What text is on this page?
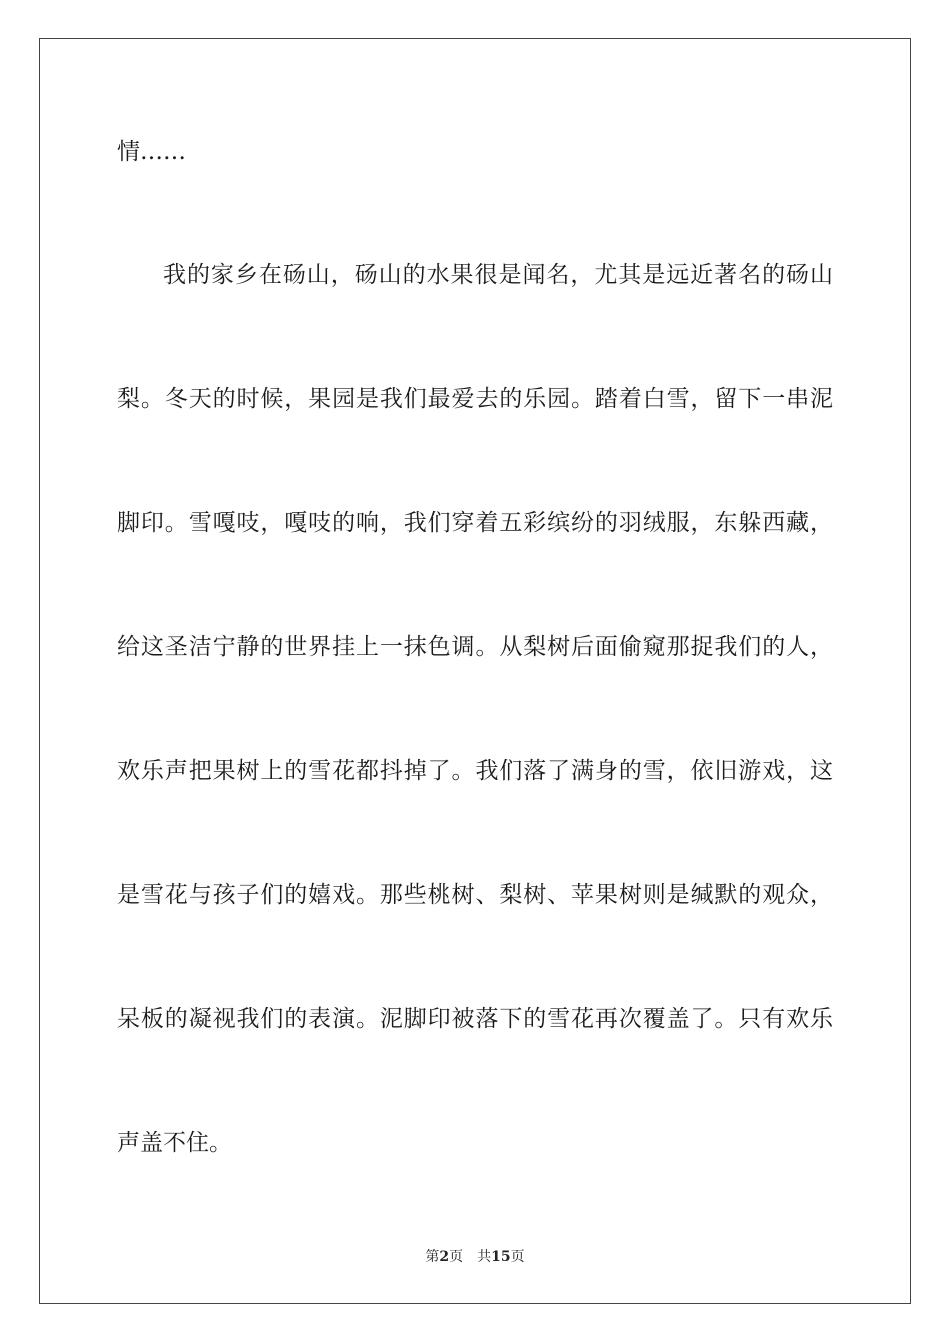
情……
我的家乡在砀山，砀山的水果很是闻名，尤其是远近著名的砀山
梨。冬天的时候，果园是我们最爱去的乐园。踏着白雪，留下一串泥
脚印。雪嘎吱，嘎吱的响，我们穿着五彩缤纷的羽绒服，东躲西藏，
给这圣洁宁静的世界挂上一抹色调。从梨树后面偷窥那捉我们的人，
欢乐声把果树上的雪花都抖掉了。我们落了满身的雪，依旧游戏，这
是雪花与孩子们的嬉戏。那些桃树、梨树、苹果树则是缄默的观众，
呆板的凝视我们的表演。泥脚印被落下的雪花再次覆盖了。只有欢乐
声盖不住。
第2页 共15页
